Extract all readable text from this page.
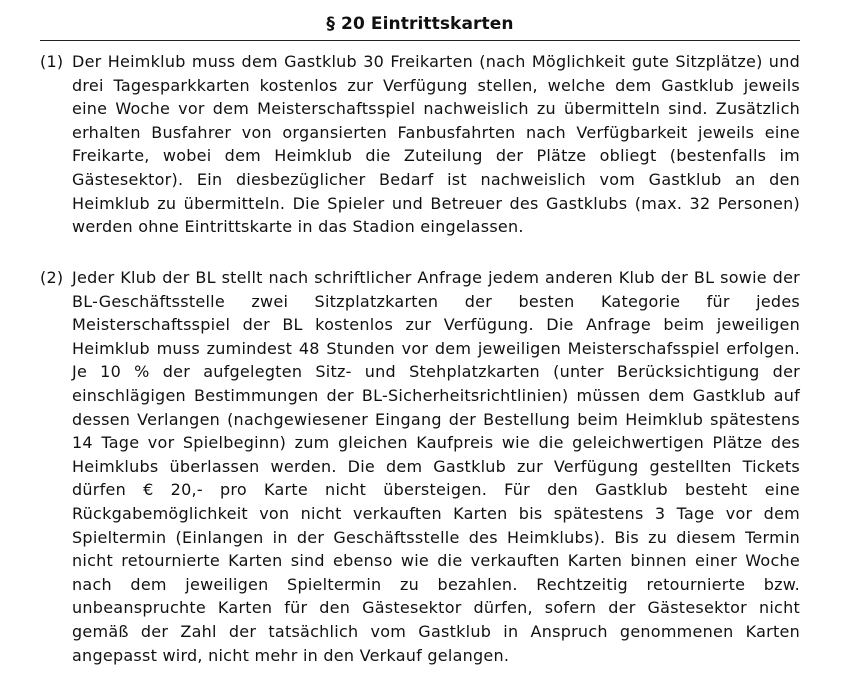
§ 20 Eintrittskarten
(1) Der Heimklub muss dem Gastklub 30 Freikarten (nach Möglichkeit gute Sitzplätze) und drei Tagesparkkarten kostenlos zur Verfügung stellen, welche dem Gastklub jeweils eine Woche vor dem Meisterschaftsspiel nachweislich zu übermitteln sind. Zusätzlich erhalten Busfahrer von organsierten Fanbusfahrten nach Verfügbarkeit jeweils eine Freikarte, wobei dem Heimklub die Zuteilung der Plätze obliegt (bestenfalls im Gästesektor). Ein diesbezüglicher Bedarf ist nachweislich vom Gastklub an den Heimklub zu übermitteln. Die Spieler und Betreuer des Gastklubs (max. 32 Personen) werden ohne Eintrittskarte in das Stadion eingelassen.
(2) Jeder Klub der BL stellt nach schriftlicher Anfrage jedem anderen Klub der BL sowie der BL-Geschäftsstelle zwei Sitzplatzkarten der besten Kategorie für jedes Meisterschaftsspiel der BL kostenlos zur Verfügung. Die Anfrage beim jeweiligen Heimklub muss zumindest 48 Stunden vor dem jeweiligen Meisterschafsspiel erfolgen. Je 10 % der aufgelegten Sitz- und Stehplatzkarten (unter Berücksichtigung der einschlägigen Bestimmungen der BL-Sicherheitsrichtlinien) müssen dem Gastklub auf dessen Verlangen (nachgewiesener Eingang der Bestellung beim Heimklub spätestens 14 Tage vor Spielbeginn) zum gleichen Kaufpreis wie die geleichwertigen Plätze des Heimklubs überlassen werden. Die dem Gastklub zur Verfügung gestellten Tickets dürfen € 20,- pro Karte nicht übersteigen. Für den Gastklub besteht eine Rückgabemöglichkeit von nicht verkauften Karten bis spätestens 3 Tage vor dem Spieltermin (Einlangen in der Geschäftsstelle des Heimklubs). Bis zu diesem Termin nicht retournierte Karten sind ebenso wie die verkauften Karten binnen einer Woche nach dem jeweiligen Spieltermin zu bezahlen. Rechtzeitig retournierte bzw. unbeanspruchte Karten für den Gästesektor dürfen, sofern der Gästesektor nicht gemäß der Zahl der tatsächlich vom Gastklub in Anspruch genommenen Karten angepasst wird, nicht mehr in den Verkauf gelangen.
